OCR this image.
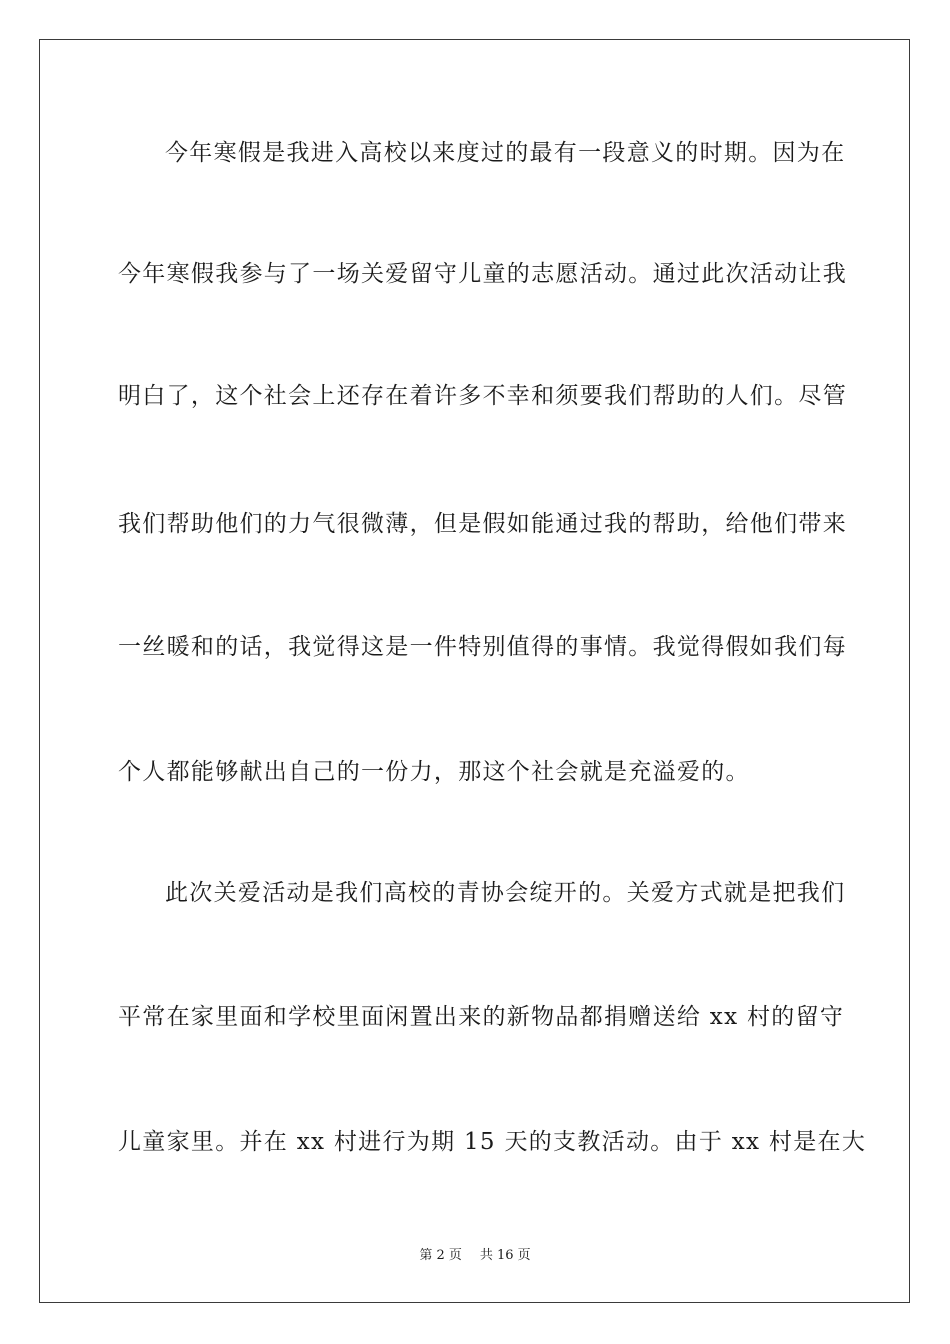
今年寒假是我进入高校以来度过的最有一段意义的时期。因为在
今年寒假我参与了一场关爱留守儿童的志愿活动。通过此次活动让我
明白了，这个社会上还存在着许多不幸和须要我们帮助的人们。尽管
我们帮助他们的力气很微薄，但是假如能通过我的帮助，给他们带来
一丝暖和的话，我觉得这是一件特别值得的事情。我觉得假如我们每
个人都能够献出自己的一份力，那这个社会就是充溢爱的。
此次关爱活动是我们高校的青协会绽开的。关爱方式就是把我们
平常在家里面和学校里面闲置出来的新物品都捐赠送给 xx 村的留守
儿童家里。并在 xx 村进行为期 15 天的支教活动。由于 xx 村是在大
第 2 页 共 16 页
